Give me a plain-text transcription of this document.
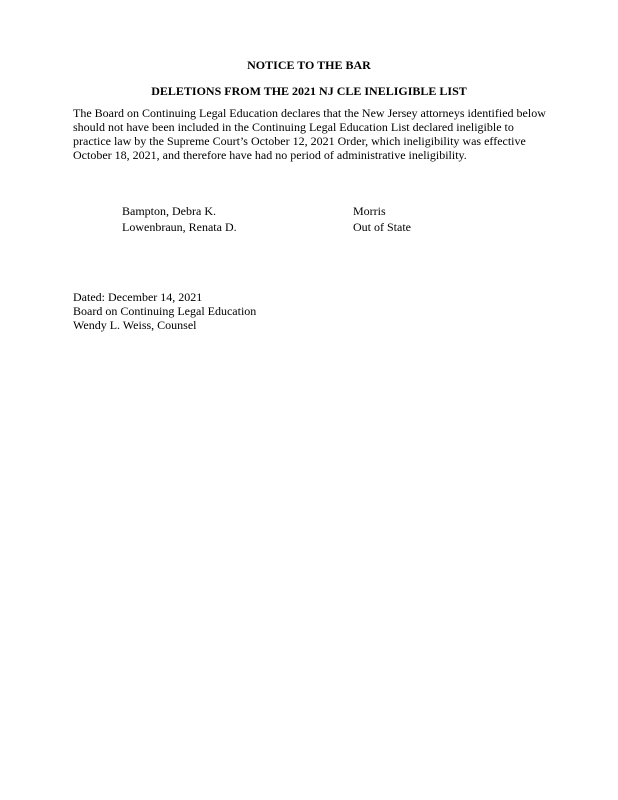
NOTICE TO THE BAR
DELETIONS FROM THE 2021 NJ CLE INELIGIBLE LIST
The Board on Continuing Legal Education declares that the New Jersey attorneys identified below
should not have been included in the Continuing Legal Education List declared ineligible to
practice law by the Supreme Court’s October 12, 2021 Order, which ineligibility was effective
October 18, 2021, and therefore have had no period of administrative ineligibility.
Bampton, Debra K.	Morris
Lowenbraun, Renata D.	Out of State
Dated: December 14, 2021
Board on Continuing Legal Education
Wendy L. Weiss, Counsel
